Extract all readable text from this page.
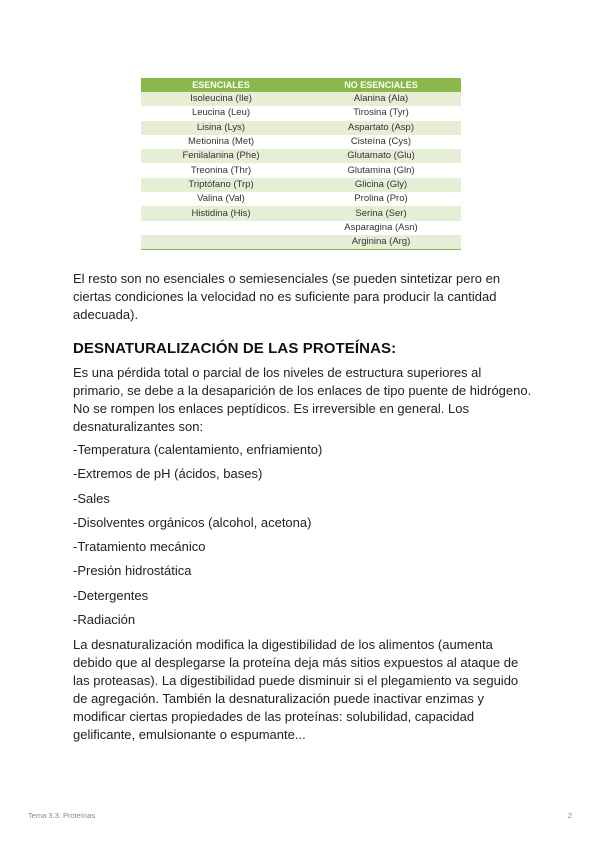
ESENCIALES	NO ESENCIALES
Isoleucina (Ile)	Alanina (Ala)
Leucina (Leu)	Tirosina (Tyr)
Lisina (Lys)	Aspartato (Asp)
Metionina (Met)	Cisteína (Cys)
Fenilalanina (Phe)	Glutamato (Glu)
Treonina (Thr)	Glutamina (Gln)
Triptófano (Trp)	Glicina (Gly)
Valina (Val)	Prolina (Pro)
Histidina (His)	Serina (Ser)
	Asparagina (Asn)
	Arginina (Arg)

El resto son no esenciales o semiesenciales (se pueden sintetizar pero en ciertas condiciones la velocidad no es suficiente para producir la cantidad adecuada).

DESNATURALIZACIÓN DE LAS PROTEÍNAS:

Es una pérdida total o parcial de los niveles de estructura superiores al primario, se debe a la desaparición de los enlaces de tipo puente de hidrógeno. No se rompen los enlaces peptídicos. Es irreversible en general. Los desnaturalizantes son:

-Temperatura (calentamiento, enfriamiento)
-Extremos de pH (ácidos, bases)
-Sales
-Disolventes orgánicos (alcohol, acetona)
-Tratamiento mecánico
-Presión hidrostática
-Detergentes
-Radiación

La desnaturalización modifica la digestibilidad de los alimentos (aumenta debido que al desplegarse la proteína deja más sitios expuestos al ataque de las proteasas). La digestibilidad puede disminuir si el plegamiento va seguido de agregación. También la desnaturalización puede inactivar enzimas y modificar ciertas propiedades de las proteínas: solubilidad, capacidad gelificante, emulsionante o espumante...

Tema 3.3: Proteínas	2
